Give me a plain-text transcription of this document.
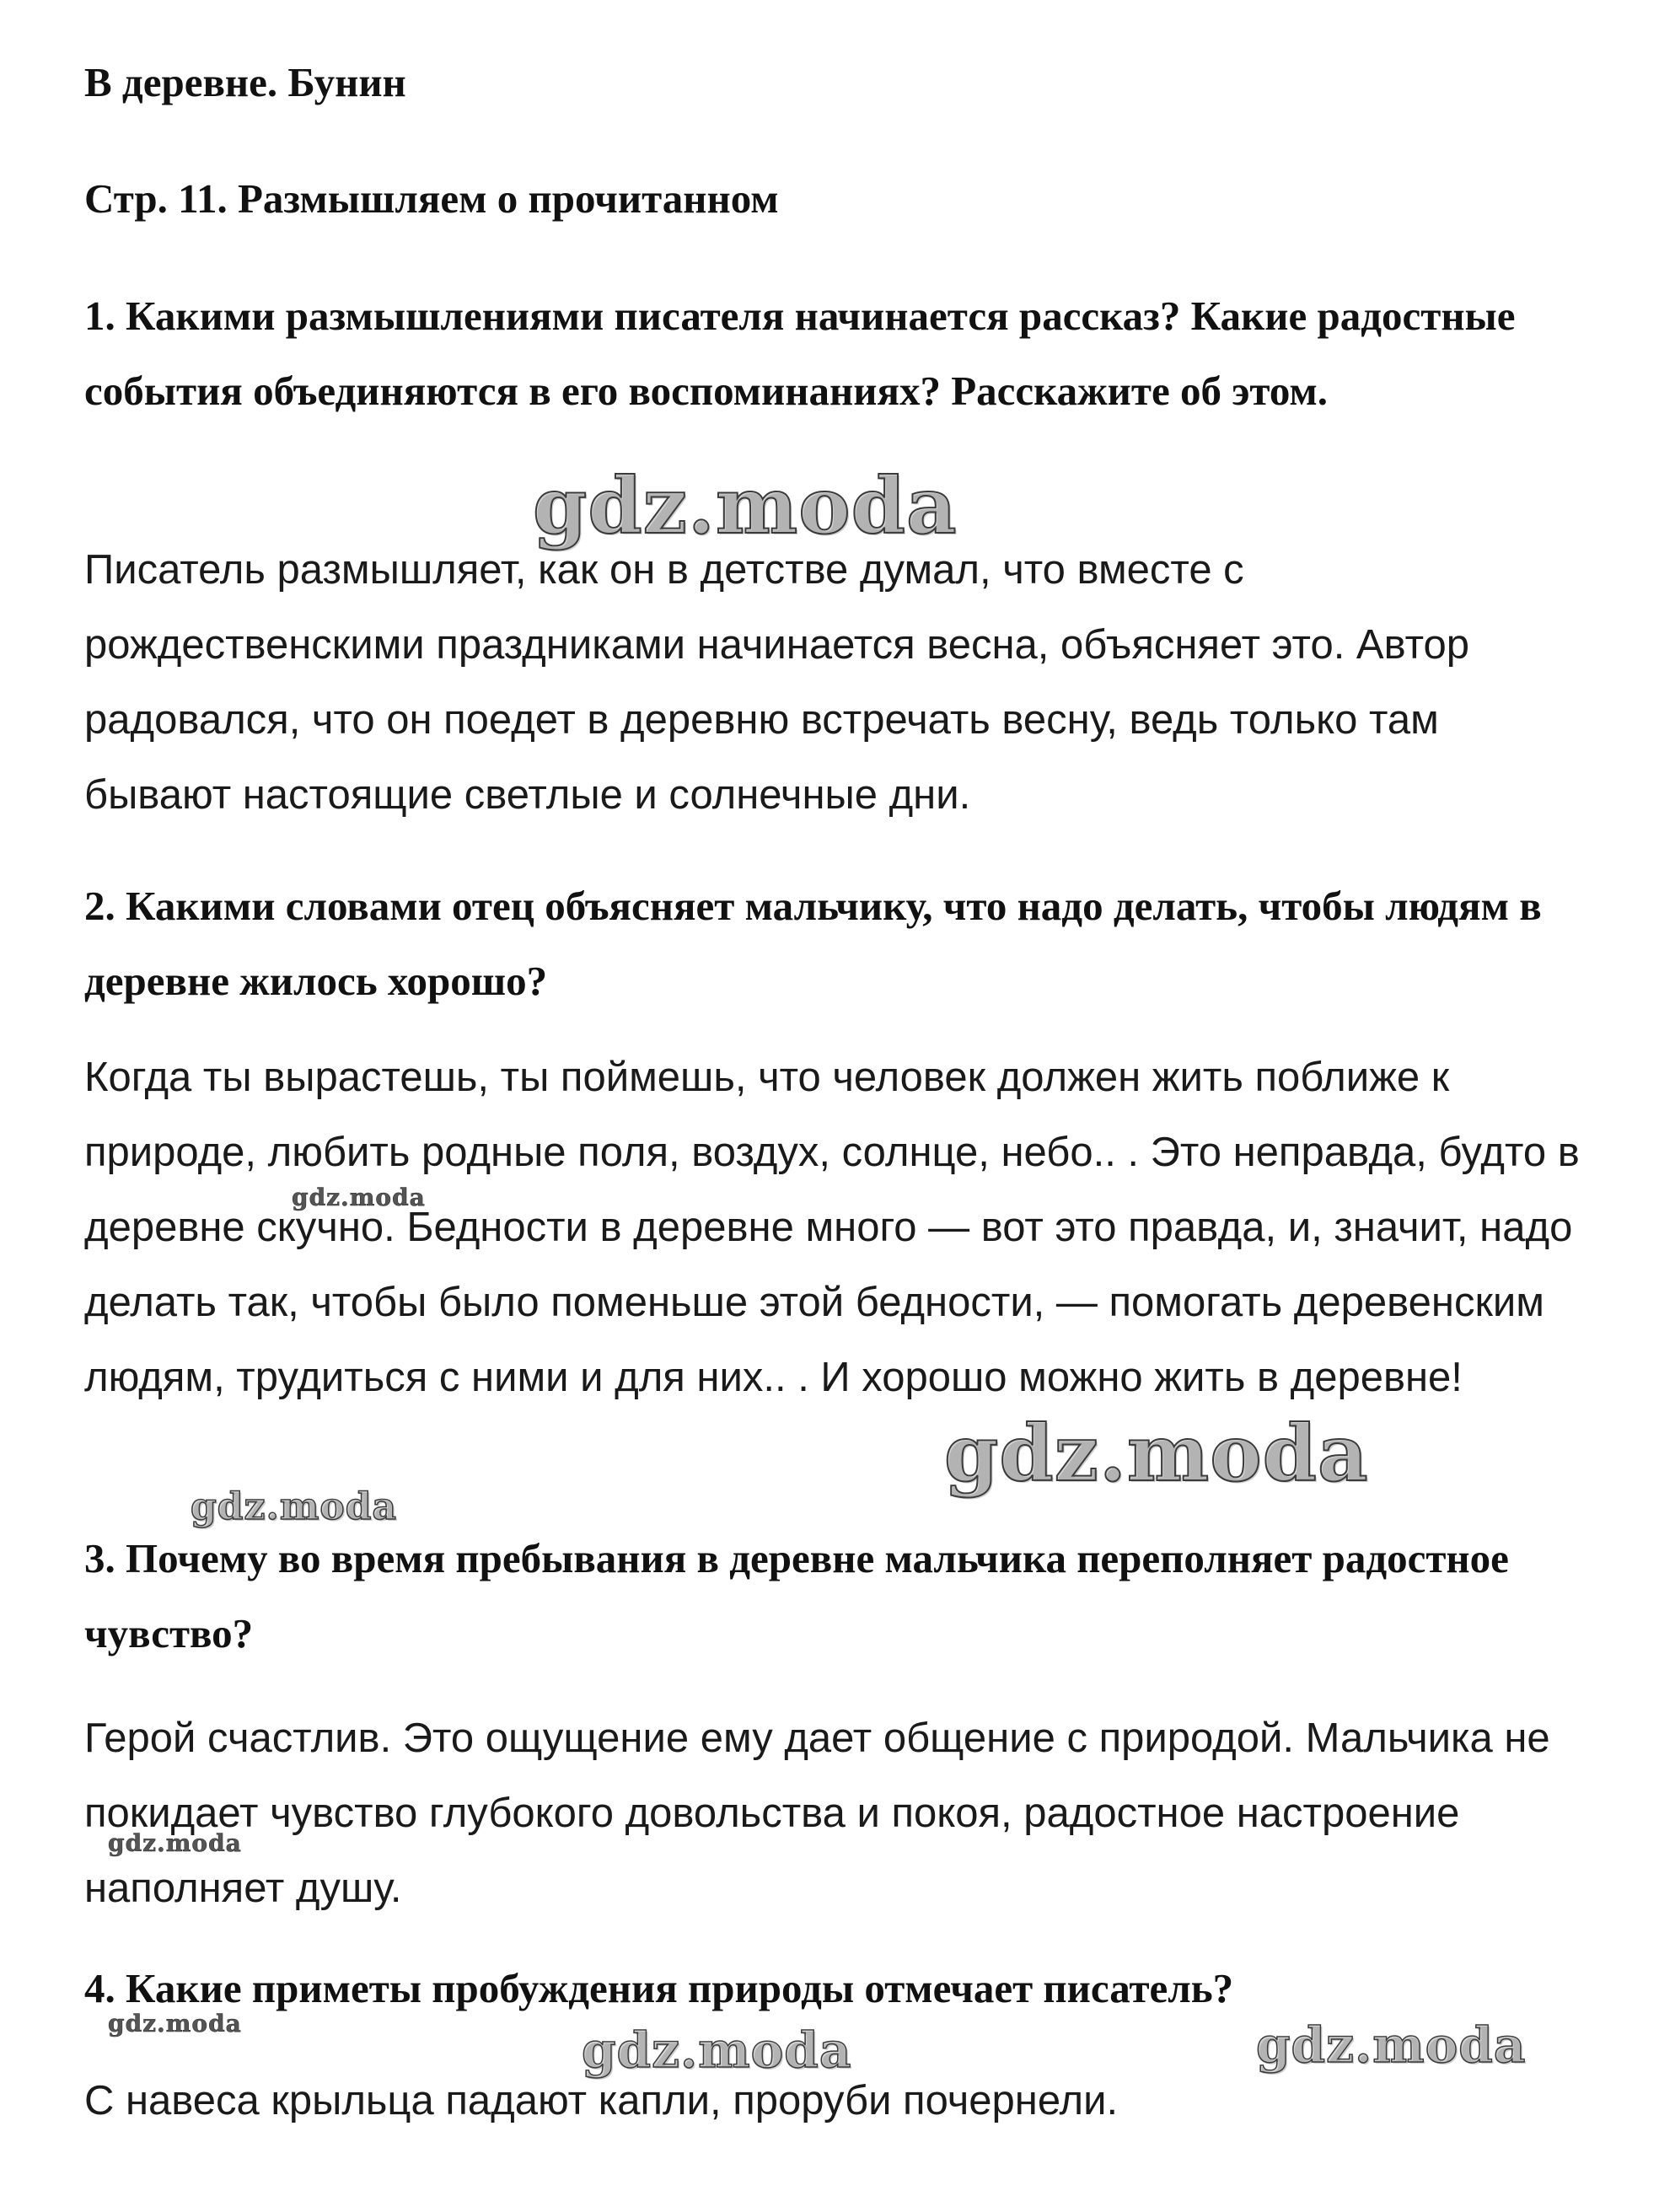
В деревне. Бунин

Стр. 11. Размышляем о прочитанном

1. Какими размышлениями писателя начинается рассказ? Какие радостные события объединяются в его воспоминаниях? Расскажите об этом.

Писатель размышляет, как он в детстве думал, что вместе с рождественскими праздниками начинается весна, объясняет это. Автор радовался, что он поедет в деревню встречать весну, ведь только там бывают настоящие светлые и солнечные дни.

2. Какими словами отец объясняет мальчику, что надо делать, чтобы людям в деревне жилось хорошо?

Когда ты вырастешь, ты поймешь, что человек должен жить поближе к природе, любить родные поля, воздух, солнце, небо.. . Это неправда, будто в деревне скучно. Бедности в деревне много — вот это правда, и, значит, надо делать так, чтобы было поменьше этой бедности, — помогать деревенским людям, трудиться с ними и для них.. . И хорошо можно жить в деревне!

3. Почему во время пребывания в деревне мальчика переполняет радостное чувство?

Герой счастлив. Это ощущение ему дает общение с природой. Мальчика не покидает чувство глубокого довольства и покоя, радостное настроение наполняет душу.

4. Какие приметы пробуждения природы отмечает писатель?

С навеса крыльца падают капли, проруби почернели.

gdz.moda
gdz.moda
gdz.moda	gdz.moda
gdz.moda
gdz.moda
gdz.moda
gdz.moda
